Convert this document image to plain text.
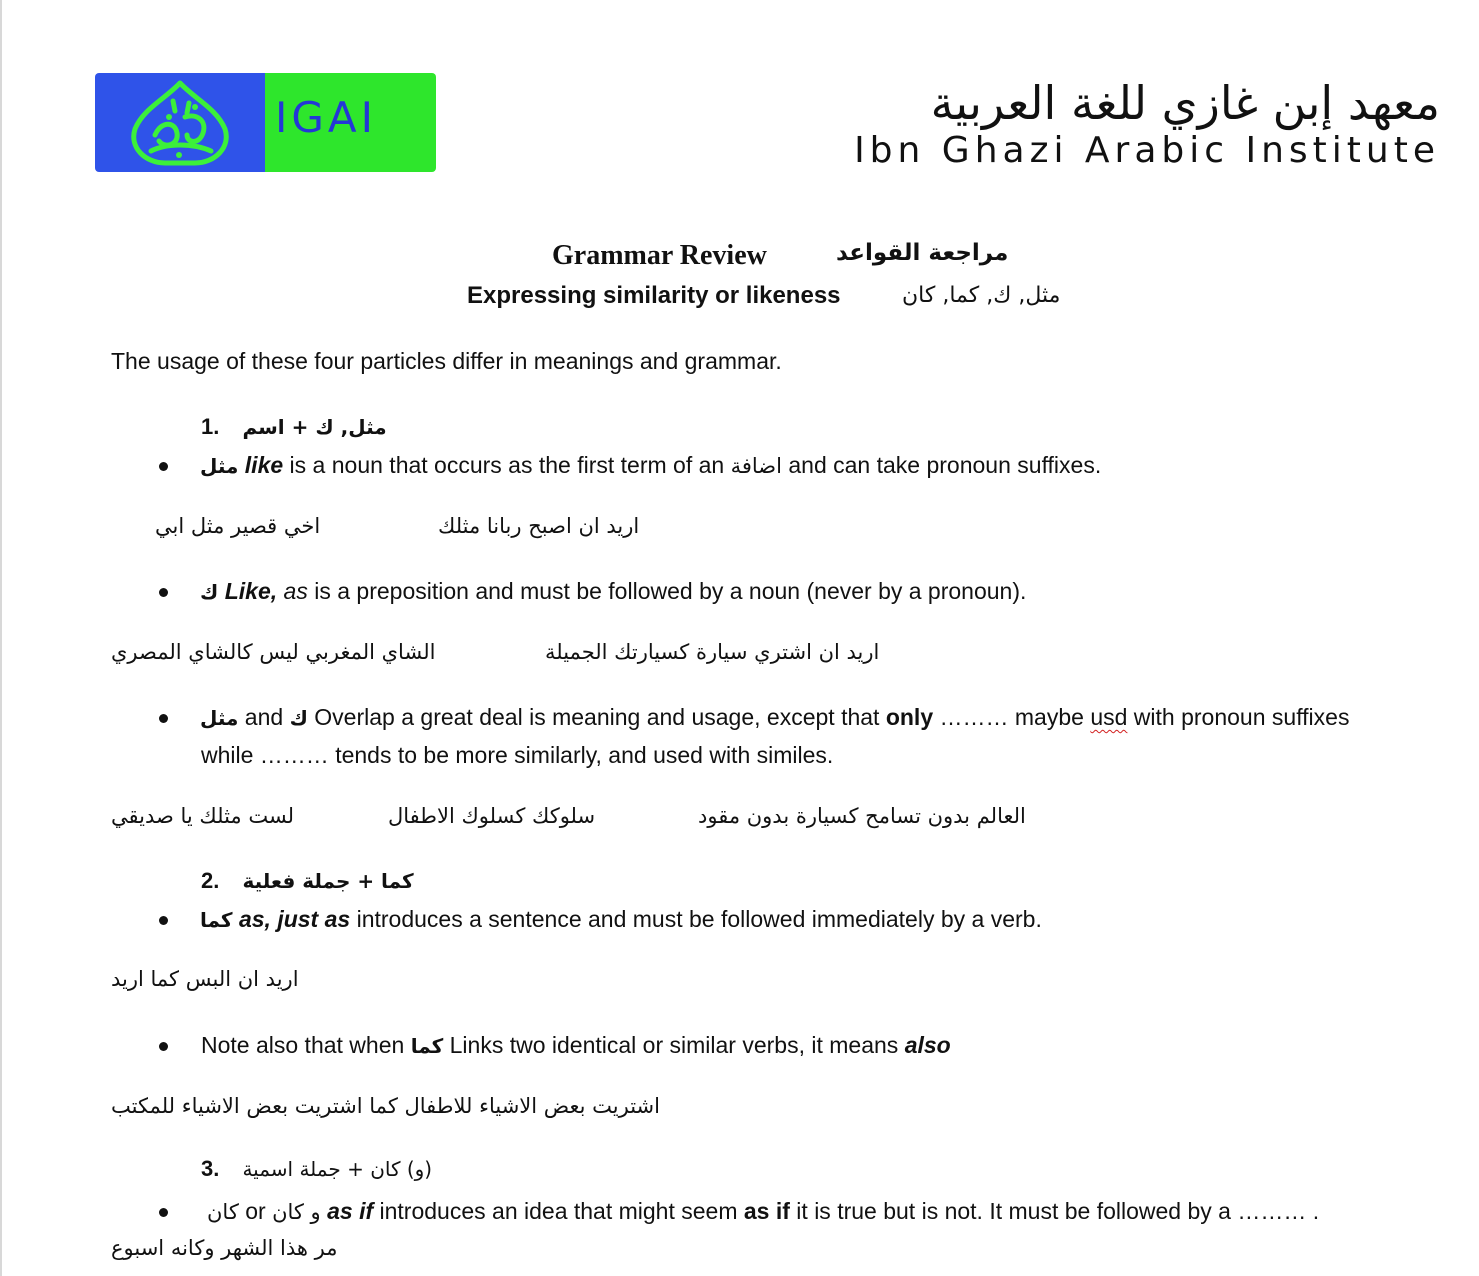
IGAI	معهد إبن غازي للغة العربية
Ibn Ghazi Arabic Institute
Grammar Review	مراجعة القواعد
Expressing similarity or likeness	مثل, ك, كما, كان
The usage of these four particles differ in meanings and grammar.
1. مثل, ك + اسم
مثل like is a noun that occurs as the first term of an اضافة and can take pronoun suffixes.
اريد ان اصبح ربانا مثلك
اخي قصير مثل ابي
ك Like, as is a preposition and must be followed by a noun (never by a pronoun).
اريد ان اشتري سيارة كسيارتك الجميلة
الشاي المغربي ليس كالشاي المصري
مثل and ك Overlap a great deal is meaning and usage, except that only ……… maybe usd with pronoun suffixes
while ……… tends to be more similarly, and used with similes.
العالم بدون تسامح كسيارة بدون مقود
سلوكك كسلوك الاطفال
لست مثلك يا صديقي
2. كما + جملة فعلية
كما as, just as introduces a sentence and must be followed immediately by a verb.
اريد ان البس كما اريد
Note also that when كما Links two identical or similar verbs, it means also
اشتريت بعض الاشياء للاطفال كما اشتريت بعض الاشياء للمكتب
3. (و) كان + جملة اسمية
كان or و كان as if introduces an idea that might seem as if it is true but is not. It must be followed by a ……… .
مر هذا الشهر وكانه اسبوع
